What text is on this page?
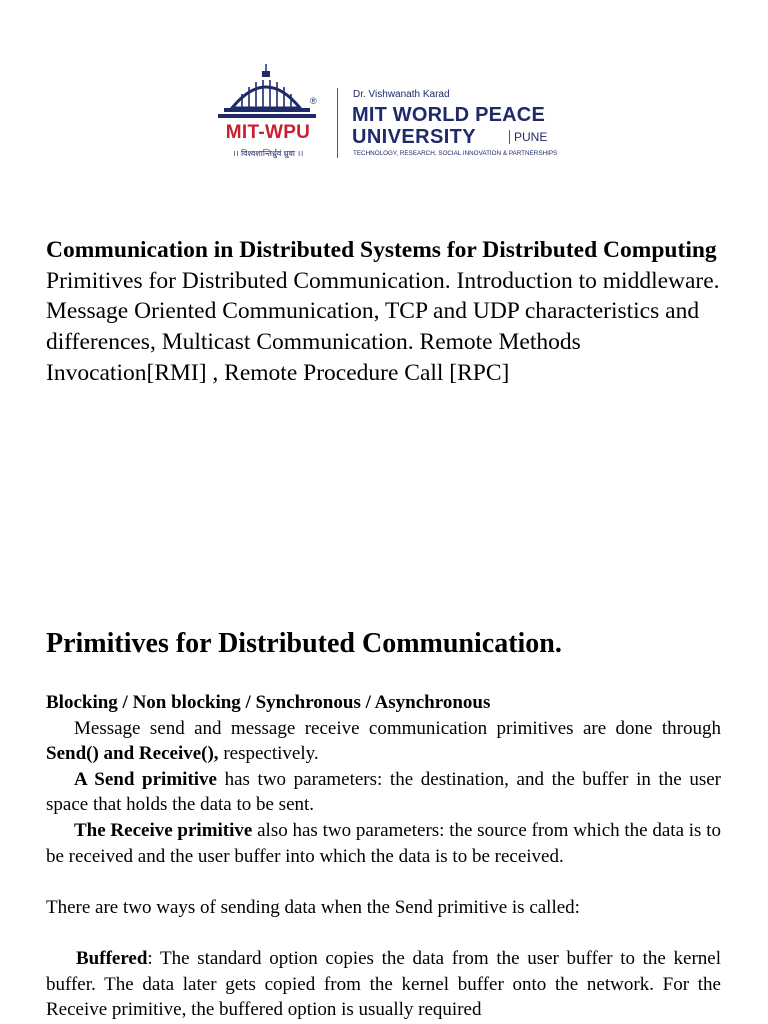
®
MIT-WPU
।। विश्वशान्तिर्ध्रुवं ध्रुवा ।।
Dr. Vishwanath Karad
MIT WORLD PEACE
UNIVERSITY	PUNE
TECHNOLOGY, RESEARCH, SOCIAL INNOVATION & PARTNERSHIPS

Communication in Distributed Systems for Distributed Computing Primitives for Distributed Communication. Introduction to middleware. Message Oriented Communication, TCP and UDP characteristics and differences, Multicast Communication. Remote Methods Invocation[RMI] , Remote Procedure Call [RPC]

Primitives for Distributed Communication.

Blocking / Non blocking / Synchronous / Asynchronous

Message send and message receive communication primitives are done through Send() and Receive(), respectively.

A Send primitive has two parameters: the destination, and the buffer in the user space that holds the data to be sent.

The Receive primitive also has two parameters: the source from which the data is to be received and the user buffer into which the data is to be received.

There are two ways of sending data when the Send primitive is called:

Buffered: The standard option copies the data from the user buffer to the kernel buffer. The data later gets copied from the kernel buffer onto the network. For the Receive primitive, the buffered option is usually required
